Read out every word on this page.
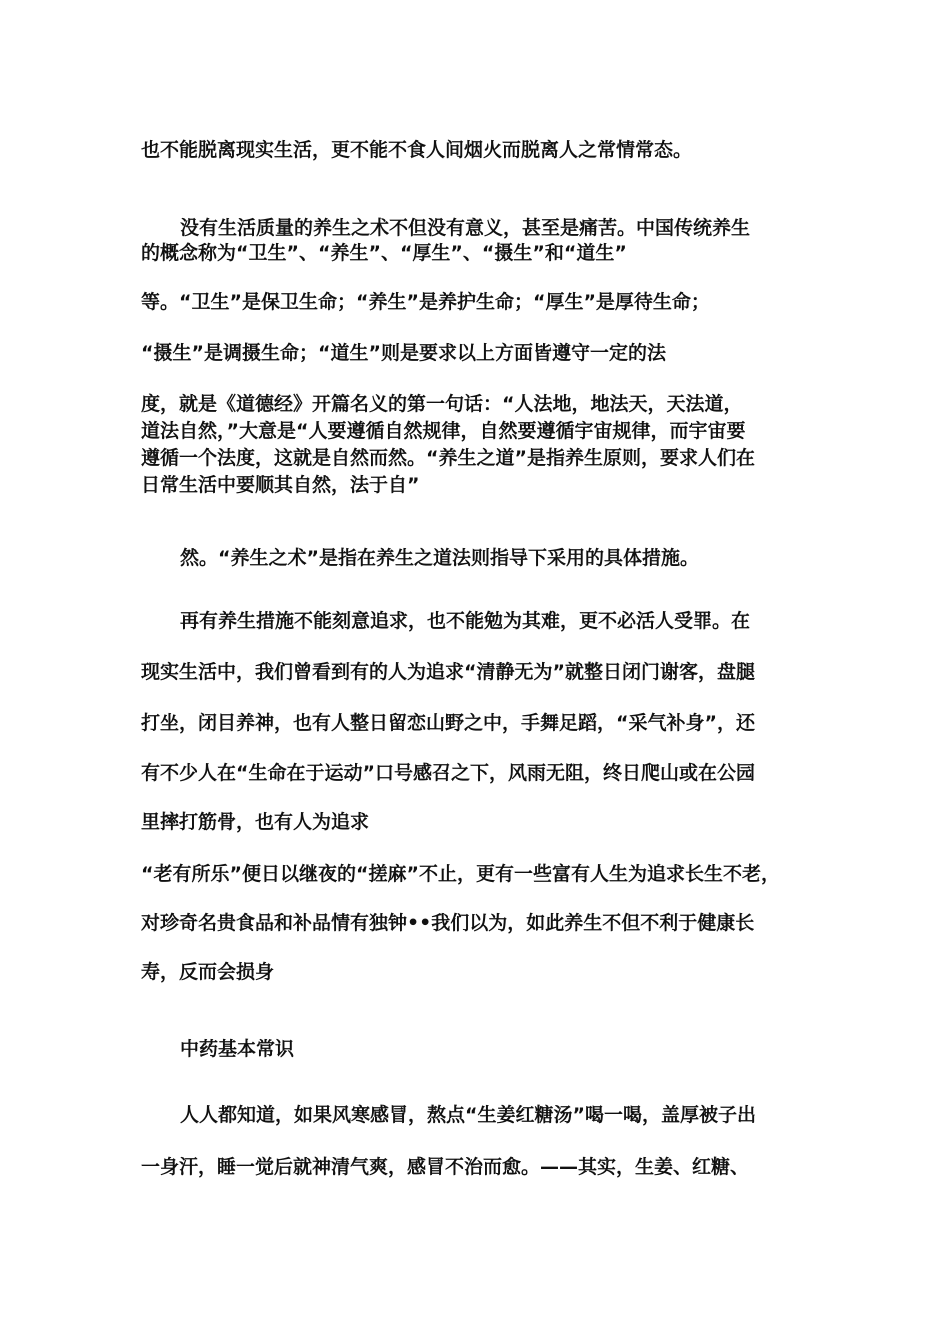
也不能脱离现实生活，更不能不食人间烟火而脱离人之常情常态。

没有生活质量的养生之术不但没有意义，甚至是痛苦。中国传统养生

的概念称为“卫生”、“养生”、“厚生”、“摄生”和“道生”

等。“卫生”是保卫生命；“养生”是养护生命；“厚生”是厚待生命；

“摄生”是调摄生命；“道生”则是要求以上方面皆遵守一定的法

度，就是《道德经》开篇名义的第一句话：“人法地，地法天，天法道，

道法自然，”大意是“人要遵循自然规律，自然要遵循宇宙规律，而宇宙要

遵循一个法度，这就是自然而然。“养生之道”是指养生原则，要求人们在

日常生活中要顺其自然，法于自”

然。“养生之术”是指在养生之道法则指导下采用的具体措施。

再有养生措施不能刻意追求，也不能勉为其难，更不必活人受罪。在

现实生活中，我们曾看到有的人为追求“清静无为”就整日闭门谢客，盘腿

打坐，闭目养神，也有人整日留恋山野之中，手舞足蹈，“采气补身”，还

有不少人在“生命在于运动”口号感召之下，风雨无阻，终日爬山或在公园

里摔打筋骨，也有人为追求

“老有所乐”便日以继夜的“搓麻”不止，更有一些富有人生为追求长生不老，

对珍奇名贵食品和补品情有独钟••我们以为，如此养生不但不利于健康长

寿，反而会损身

中药基本常识

人人都知道，如果风寒感冒，熬点“生姜红糖汤”喝一喝，盖厚被子出

一身汗，睡一觉后就神清气爽，感冒不治而愈。——其实，生姜、红糖、
